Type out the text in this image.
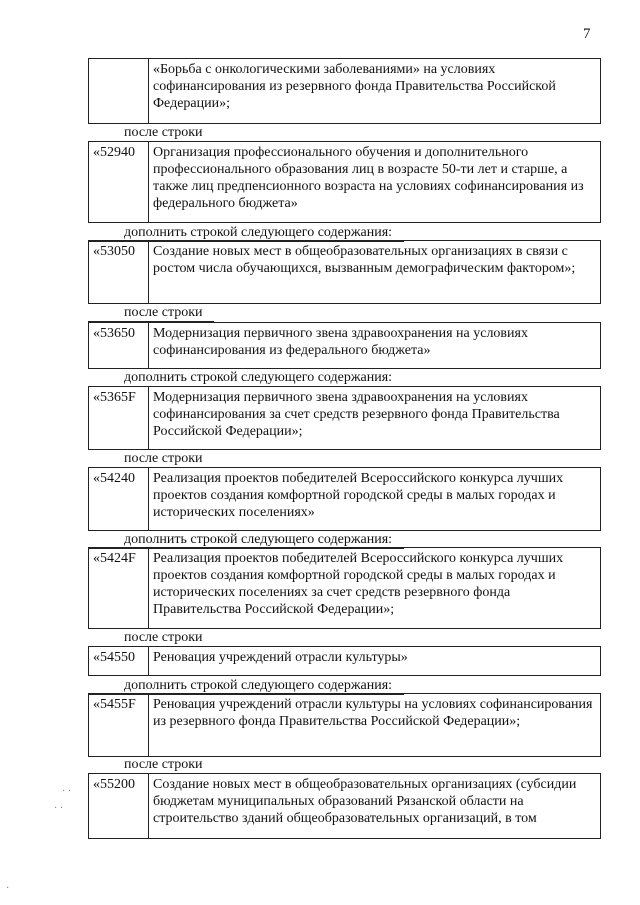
7
«Борьба с онкологическими заболеваниями» на условиях софинансирования из резервного фонда Правительства Российской Федерации»;
после строки
«52940	Организация профессионального обучения и дополнительного профессионального образования лиц в возрасте 50-ти лет и старше, а также лиц предпенсионного возраста на условиях софинансирования из федерального бюджета»
дополнить строкой следующего содержания:
«53050	Создание новых мест в общеобразовательных организациях в связи с ростом числа обучающихся, вызванным демографическим фактором»;
после строки
«53650	Модернизация первичного звена здравоохранения на условиях софинансирования из федерального бюджета»
дополнить строкой следующего содержания:
«5365F	Модернизация первичного звена здравоохранения на условиях софинансирования за счет средств резервного фонда Правительства Российской Федерации»;
после строки
«54240	Реализация проектов победителей Всероссийского конкурса лучших проектов создания комфортной городской среды в малых городах и исторических поселениях»
дополнить строкой следующего содержания:
«5424F	Реализация проектов победителей Всероссийского конкурса лучших проектов создания комфортной городской среды в малых городах и исторических поселениях за счет средств резервного фонда Правительства Российской Федерации»;
после строки
«54550	Реновация учреждений отрасли культуры»
дополнить строкой следующего содержания:
«5455F	Реновация учреждений отрасли культуры на условиях софинансирования из резервного фонда Правительства Российской Федерации»;
после строки
«55200	Создание новых мест в общеобразовательных организациях (субсидии бюджетам муниципальных образований Рязанской области на строительство зданий общеобразовательных организаций, в том
· ·
· ·
·
